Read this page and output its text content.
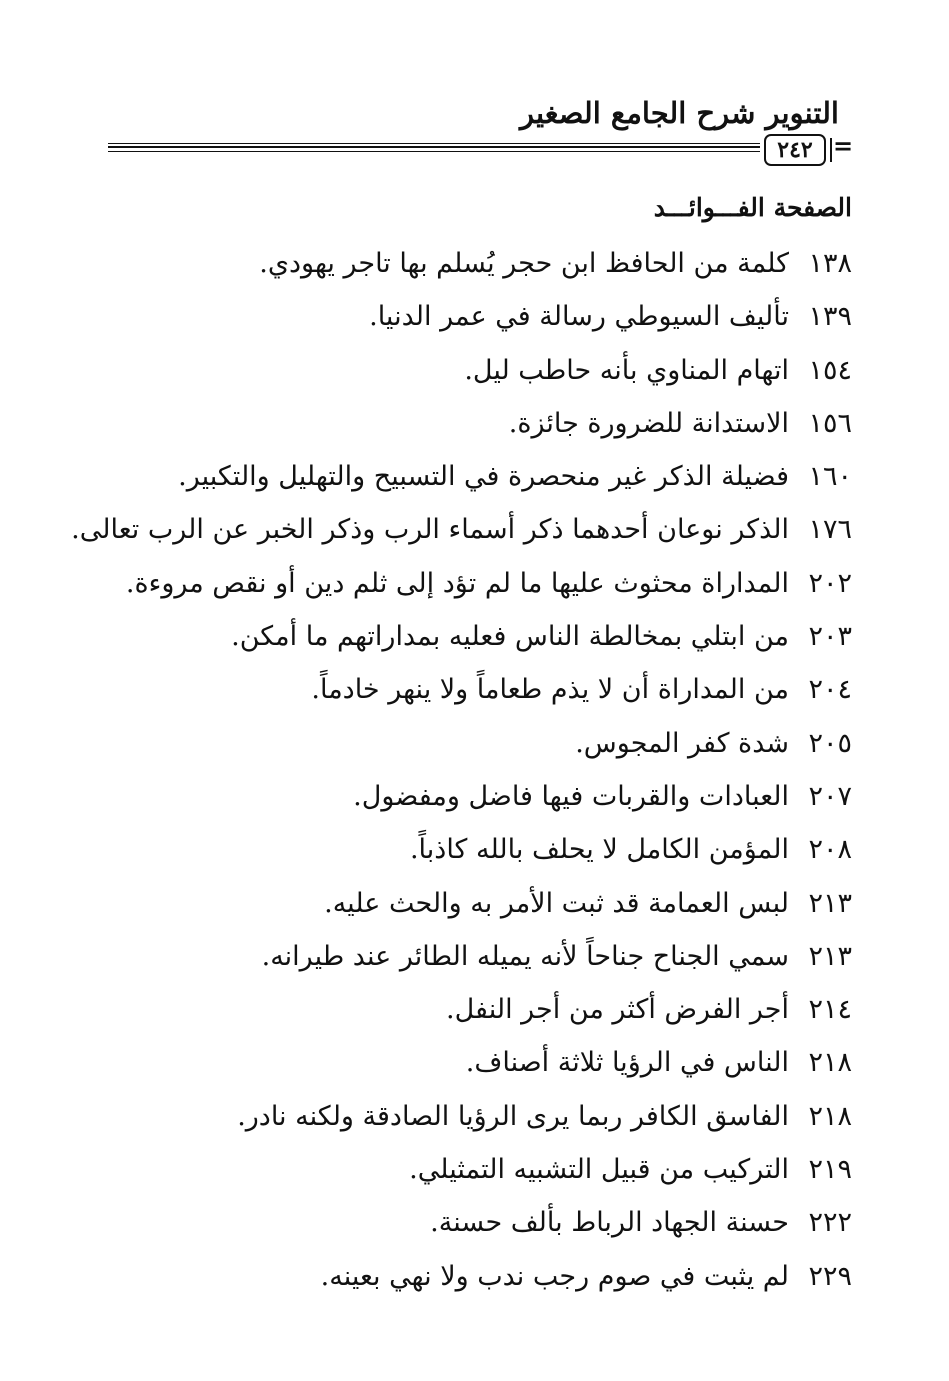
التنوير شرح الجامع الصغير
٢٤٢ =
الصفحة الفـــوائـــد
١٣٨
كلمة من الحافظ ابن حجر يُسلم بها تاجر يهودي.
١٣٩
تأليف السيوطي رسالة في عمر الدنيا.
١٥٤
اتهام المناوي بأنه حاطب ليل.
١٥٦
الاستدانة للضرورة جائزة.
١٦٠
فضيلة الذكر غير منحصرة في التسبيح والتهليل والتكبير.
١٧٦
الذكر نوعان أحدهما ذكر أسماء الرب وذكر الخبر عن الرب تعالى.
٢٠٢
المداراة محثوث عليها ما لم تؤد إلى ثلم دين أو نقص مروءة.
٢٠٣
من ابتلي بمخالطة الناس فعليه بمداراتهم ما أمكن.
٢٠٤
من المداراة أن لا يذم طعاماً ولا ينهر خادماً.
٢٠٥
شدة كفر المجوس.
٢٠٧
العبادات والقربات فيها فاضل ومفضول.
٢٠٨
المؤمن الكامل لا يحلف بالله كاذباً.
٢١٣
لبس العمامة قد ثبت الأمر به والحث عليه.
٢١٣
سمي الجناح جناحاً لأنه يميله الطائر عند طيرانه.
٢١٤
أجر الفرض أكثر من أجر النفل.
٢١٨
الناس في الرؤيا ثلاثة أصناف.
٢١٨
الفاسق الكافر ربما يرى الرؤيا الصادقة ولكنه نادر.
٢١٩
التركيب من قبيل التشبيه التمثيلي.
٢٢٢
حسنة الجهاد الرباط بألف حسنة.
٢٢٩
لم يثبت في صوم رجب ندب ولا نهي بعينه.
